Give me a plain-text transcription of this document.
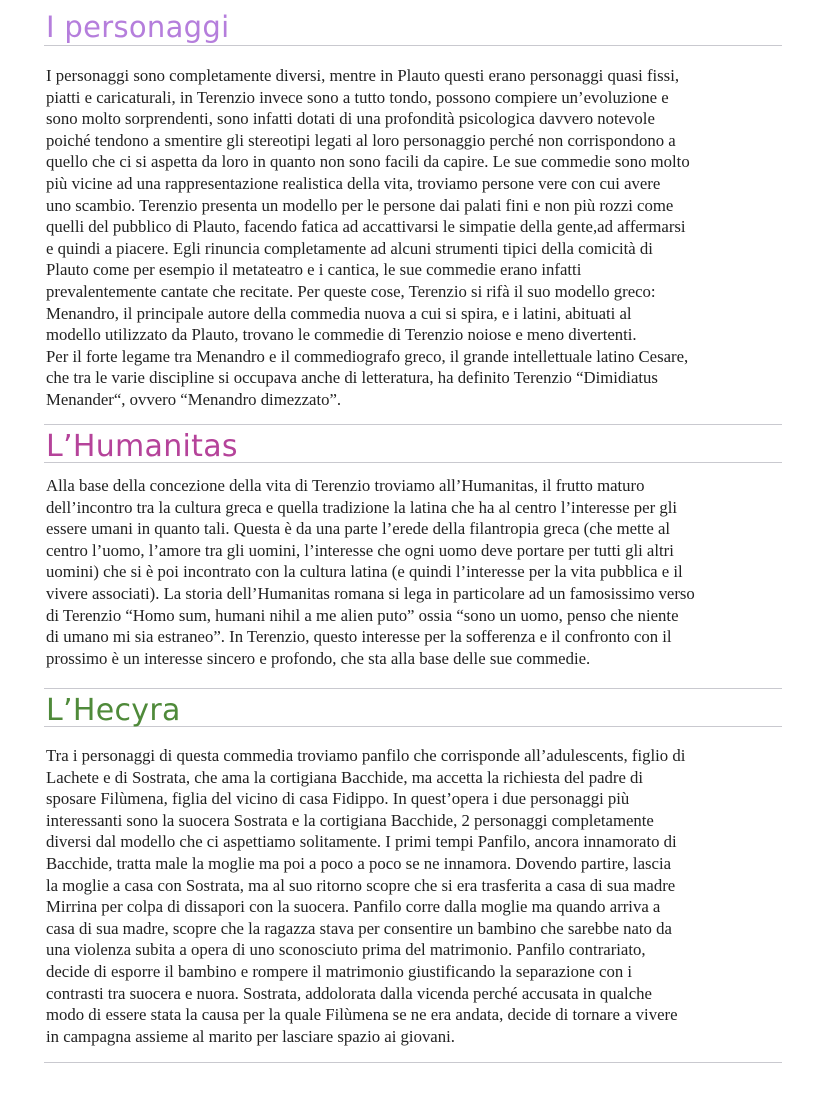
I personaggi
I personaggi sono completamente diversi, mentre in Plauto questi erano personaggi quasi fissi, piatti e caricaturali, in Terenzio invece sono a tutto tondo, possono compiere un’evoluzione e sono molto sorprendenti, sono infatti dotati di una profondità psicologica davvero notevole poiché tendono a smentire gli stereotipi legati al loro personaggio perché non corrispondono a quello che ci si aspetta da loro in quanto non sono facili da capire. Le sue commedie sono molto più vicine ad una rappresentazione realistica della vita, troviamo persone vere con cui avere uno scambio. Terenzio presenta un modello per le persone dai palati fini e non più rozzi come quelli del pubblico di Plauto, facendo fatica ad accattivarsi le simpatie della gente,ad affermarsi e quindi a piacere. Egli rinuncia completamente ad alcuni strumenti tipici della comicità di Plauto come per esempio il metateatro e i cantica, le sue commedie erano infatti prevalentemente cantate che recitate. Per queste cose, Terenzio si rifà il suo modello greco: Menandro, il principale autore della commedia nuova a cui si spira, e i latini, abituati al modello utilizzato da Plauto, trovano le commedie di Terenzio noiose e meno divertenti. Per il forte legame tra Menandro e il commediografo greco, il grande intellettuale latino Cesare, che tra le varie discipline si occupava anche di letteratura, ha definito Terenzio “Dimidiatus Menander“, ovvero “Menandro dimezzato”.
L’Humanitas
Alla base della concezione della vita di Terenzio troviamo all’Humanitas, il frutto maturo dell’incontro tra la cultura greca e quella tradizione la latina che ha al centro l’interesse per gli essere umani in quanto tali. Questa è da una parte l’erede della filantropia greca (che mette al centro l’uomo, l’amore tra gli uomini, l’interesse che ogni uomo deve portare per tutti gli altri uomini) che si è poi incontrato con la cultura latina (e quindi l’interesse per la vita pubblica e il vivere associati). La storia dell’Humanitas romana si lega in particolare ad un famosissimo verso di Terenzio “Homo sum, humani nihil a me alien puto” ossia “sono un uomo, penso che niente di umano mi sia estraneo”. In Terenzio, questo interesse per la sofferenza e il confronto con il prossimo è un interesse sincero e profondo, che sta alla base delle sue commedie.
L’Hecyra
Tra i personaggi di questa commedia troviamo panfilo che corrisponde all’adulescents, figlio di Lachete e di Sostrata, che ama la cortigiana Bacchide, ma accetta la richiesta del padre di sposare Filùmena, figlia del vicino di casa Fidippo. In quest’opera i due personaggi più interessanti sono la suocera Sostrata e la cortigiana Bacchide, 2 personaggi completamente diversi dal modello che ci aspettiamo solitamente. I primi tempi Panfilo, ancora innamorato di Bacchide, tratta male la moglie ma poi a poco a poco se ne innamora. Dovendo partire, lascia la moglie a casa con Sostrata, ma al suo ritorno scopre che si era trasferita a casa di sua madre Mirrina per colpa di dissapori con la suocera. Panfilo corre dalla moglie ma quando arriva a casa di sua madre, scopre che la ragazza stava per consentire un bambino che sarebbe nato da una violenza subita a opera di uno sconosciuto prima del matrimonio. Panfilo contrariato, decide di esporre il bambino e rompere il matrimonio giustificando la separazione con i contrasti tra suocera e nuora. Sostrata, addolorata dalla vicenda perché accusata in qualche modo di essere stata la causa per la quale Filùmena se ne era andata, decide di tornare a vivere in campagna assieme al marito per lasciare spazio ai giovani.
